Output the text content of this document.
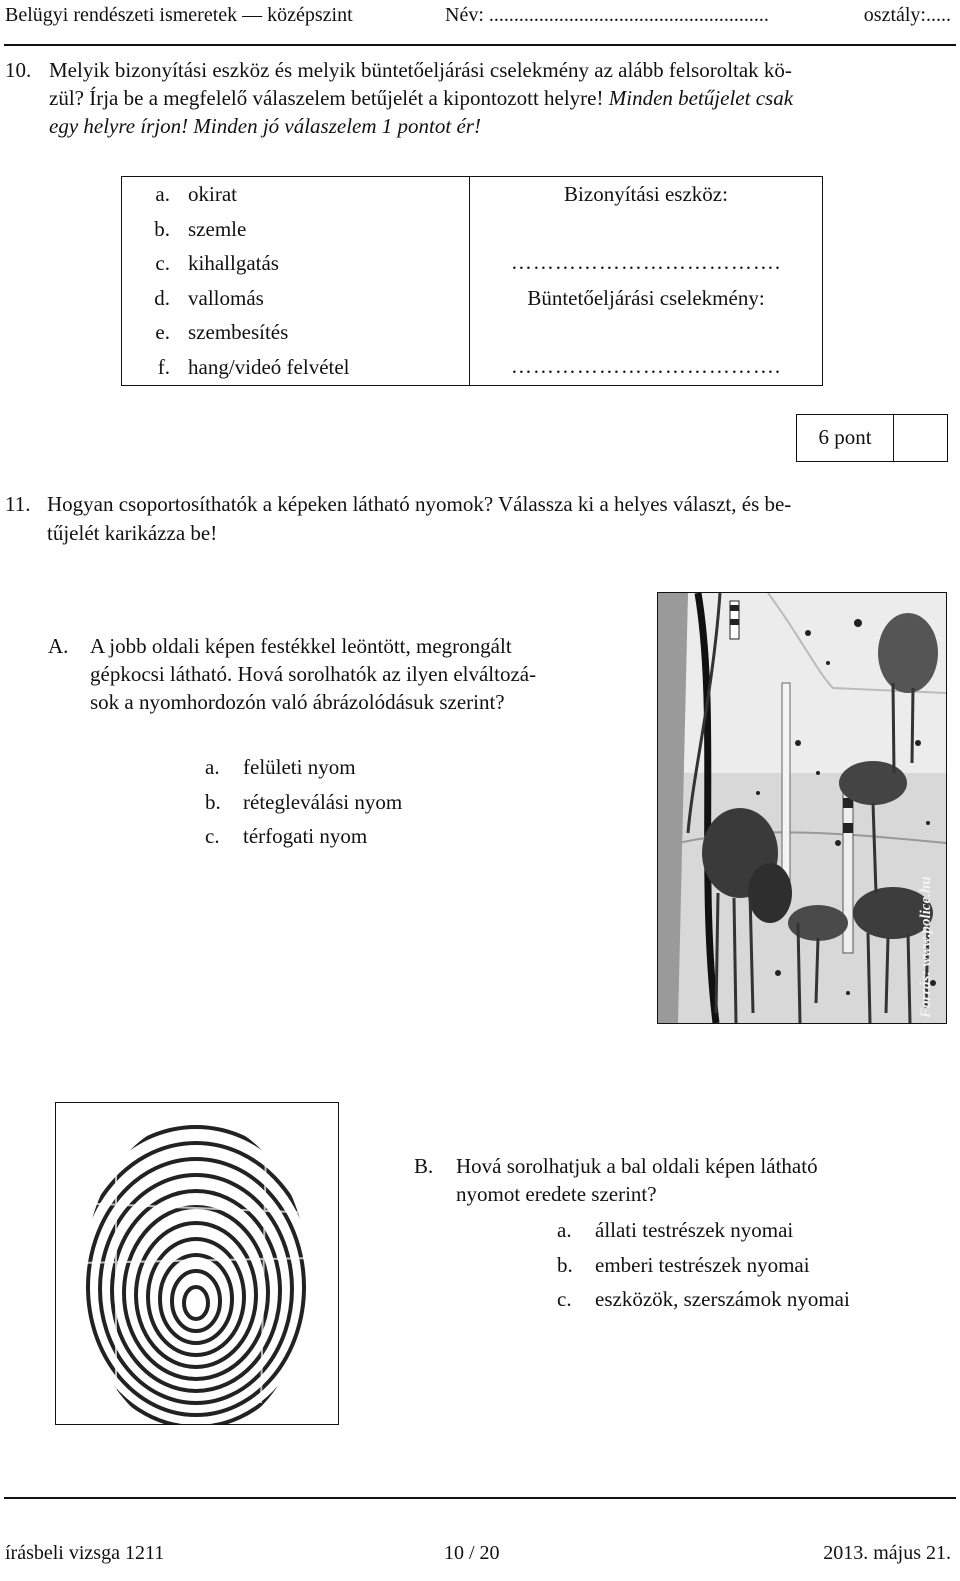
Belügyi rendészeti ismeretek — középszint	Név: ........................................................	osztály:.....
10. Melyik bizonyítási eszköz és melyik büntetőeljárási cselekmény az alább felsoroltak kö-
zül? Írja be a megfelelő válaszelem betűjelét a kipontozott helyre! Minden betűjelet csak
egy helyre írjon! Minden jó válaszelem 1 pontot ér!
a. okirat
b. szemle
c. kihallgatás
d. vallomás
e. szembesítés
f. hang/videó felvétel
Bizonyítási eszköz:
……………………………….
Büntetőeljárási cselekmény:
……………………………….
6 pont
11. Hogyan csoportosíthatók a képeken látható nyomok? Válassza ki a helyes választ, és be-
tűjelét karikázza be!
A. A jobb oldali képen festékkel leöntött, megrongált
gépkocsi látható. Hová sorolhatók az ilyen elváltozá-
sok a nyomhordozón való ábrázolódásuk szerint?
a. felületi nyom
b. rétegleválási nyom
c. térfogati nyom
Forrás: www.police.hu
B. Hová sorolhatjuk a bal oldali képen látható
nyomot eredete szerint?
a. állati testrészek nyomai
b. emberi testrészek nyomai
c. eszközök, szerszámok nyomai
írásbeli vizsga 1211	10 / 20	2013. május 21.
